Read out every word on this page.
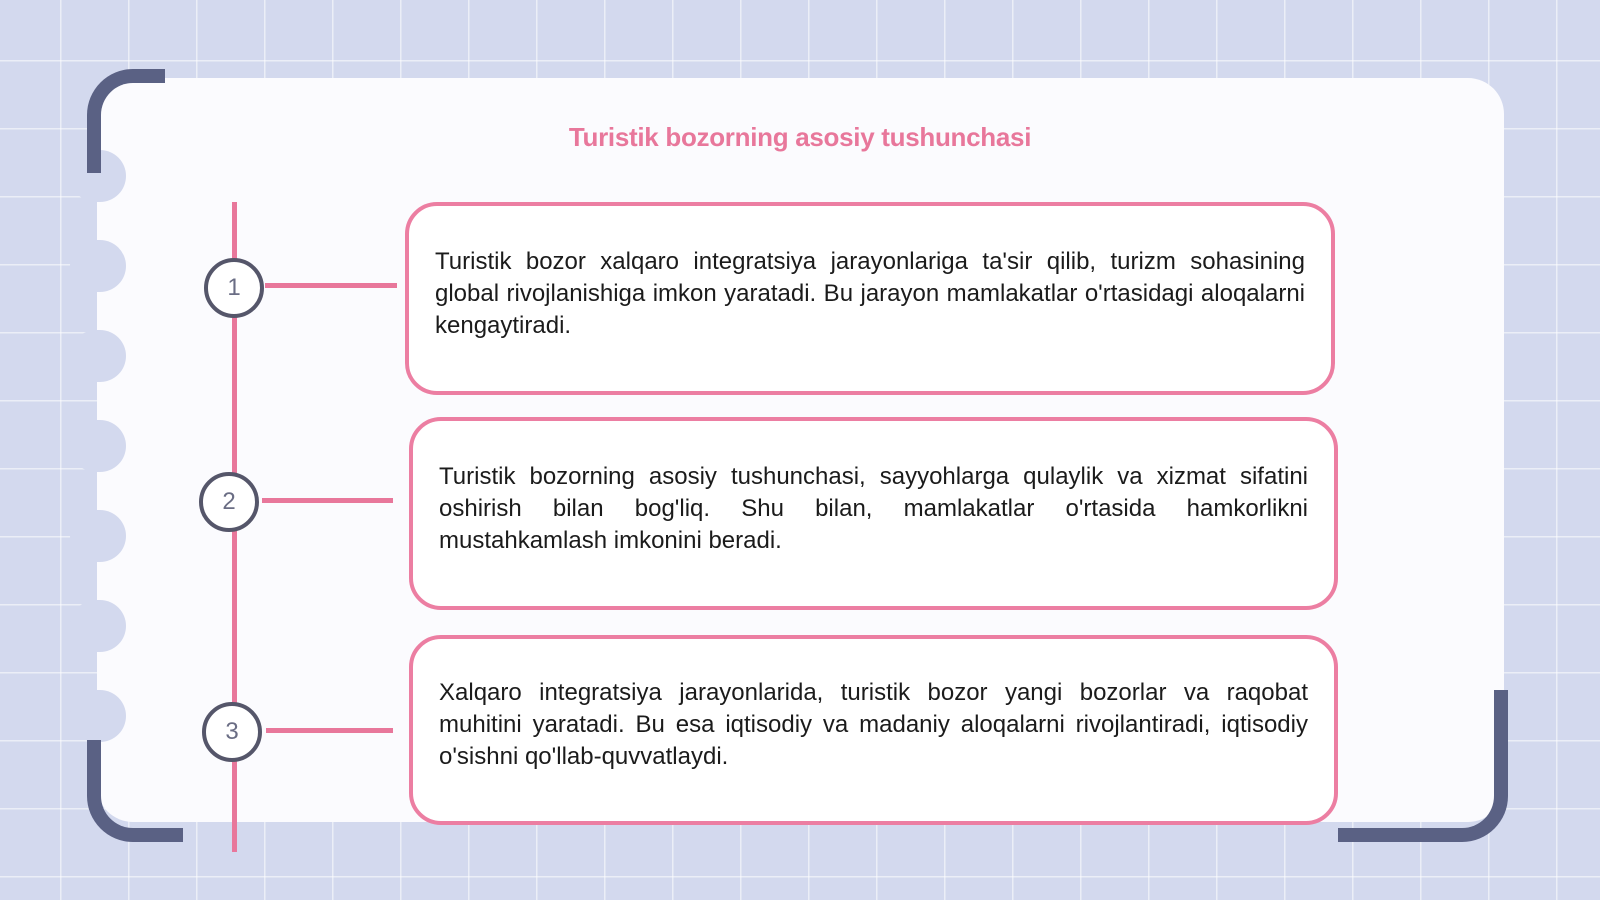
Turistik bozorning asosiy tushunchasi
1
2
3

Turistik bozor xalqaro integratsiya jarayonlariga ta'sir qilib, turizm sohasining global rivojlanishiga imkon yaratadi. Bu jarayon mamlakatlar o'rtasidagi aloqalarni kengaytiradi.

Turistik bozorning asosiy tushunchasi, sayyohlarga qulaylik va xizmat sifatini oshirish bilan bog'liq. Shu bilan, mamlakatlar o'rtasida hamkorlikni mustahkamlash imkonini beradi.

Xalqaro integratsiya jarayonlarida, turistik bozor yangi bozorlar va raqobat muhitini yaratadi. Bu esa iqtisodiy va madaniy aloqalarni rivojlantiradi, iqtisodiy o'sishni qo'llab-quvvatlaydi.
